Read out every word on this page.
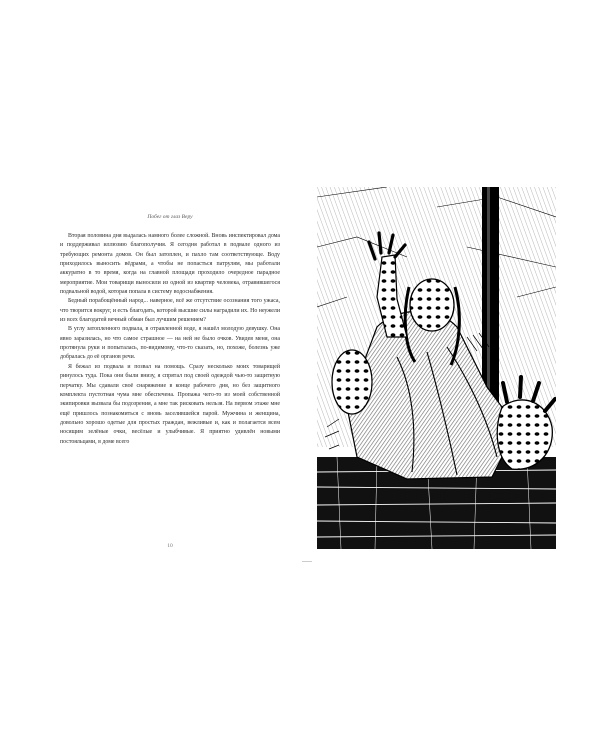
Побег от глаз Веру

Вторая половина дня выдалась намного более сложной. Вновь инспектировал дома и поддерживал иллюзию благополучия. Я сегодня работал в подвале одного из требующих ремонта домов. Он был затоплен, и пахло там соответствующе. Воду приходилось выносить вёдрами, а чтобы не попасться патрулям, мы работали аккуратно в то время, когда на главной площади проходило очередное парадное мероприятие. Мои товарищи выносили из одной из квартир человека, отравившегося подвальной водой, которая попала в систему водоснабжения.

Бедный порабощённый народ... наверное, всё же отсутствие осознания того ужаса, что творится вокруг, и есть благодать, которой высшие силы наградили их. Но неужели из всех благодатей вечный обман был лучшим решением?

В углу затопленного подвала, в отравленной воде, я нашёл молодую девушку. Она явно заразилась, но что самое страшное — на ней не было очков. Увидев меня, она протянула руки и попыталась, по-видимому, что-то сказать, но, похоже, болезнь уже добралась до её органов речи.

Я бежал из подвала и позвал на помощь. Сразу несколько моих товарищей ринулось туда. Пока они были внизу, я спрятал под своей одеждой чью-то защитную перчатку. Мы сдавали своё снаряжение в конце рабочего дня, но без защитного комплекта пустотная чума мне обеспечена. Пропажа чего-то из моей собственной экипировки вызвала бы подозрения, а мне так рисковать нельзя. На первом этаже мне ещё пришлось познакомиться с вновь заселившейся парой. Мужчина и женщина, довольно хорошо одетые для простых граждан, вежливые и, как и полагается всем носящим зелёные очки, весёлые и улыбчивые. Я приятно удивлён новыми постояльцами, в доме всего

10
